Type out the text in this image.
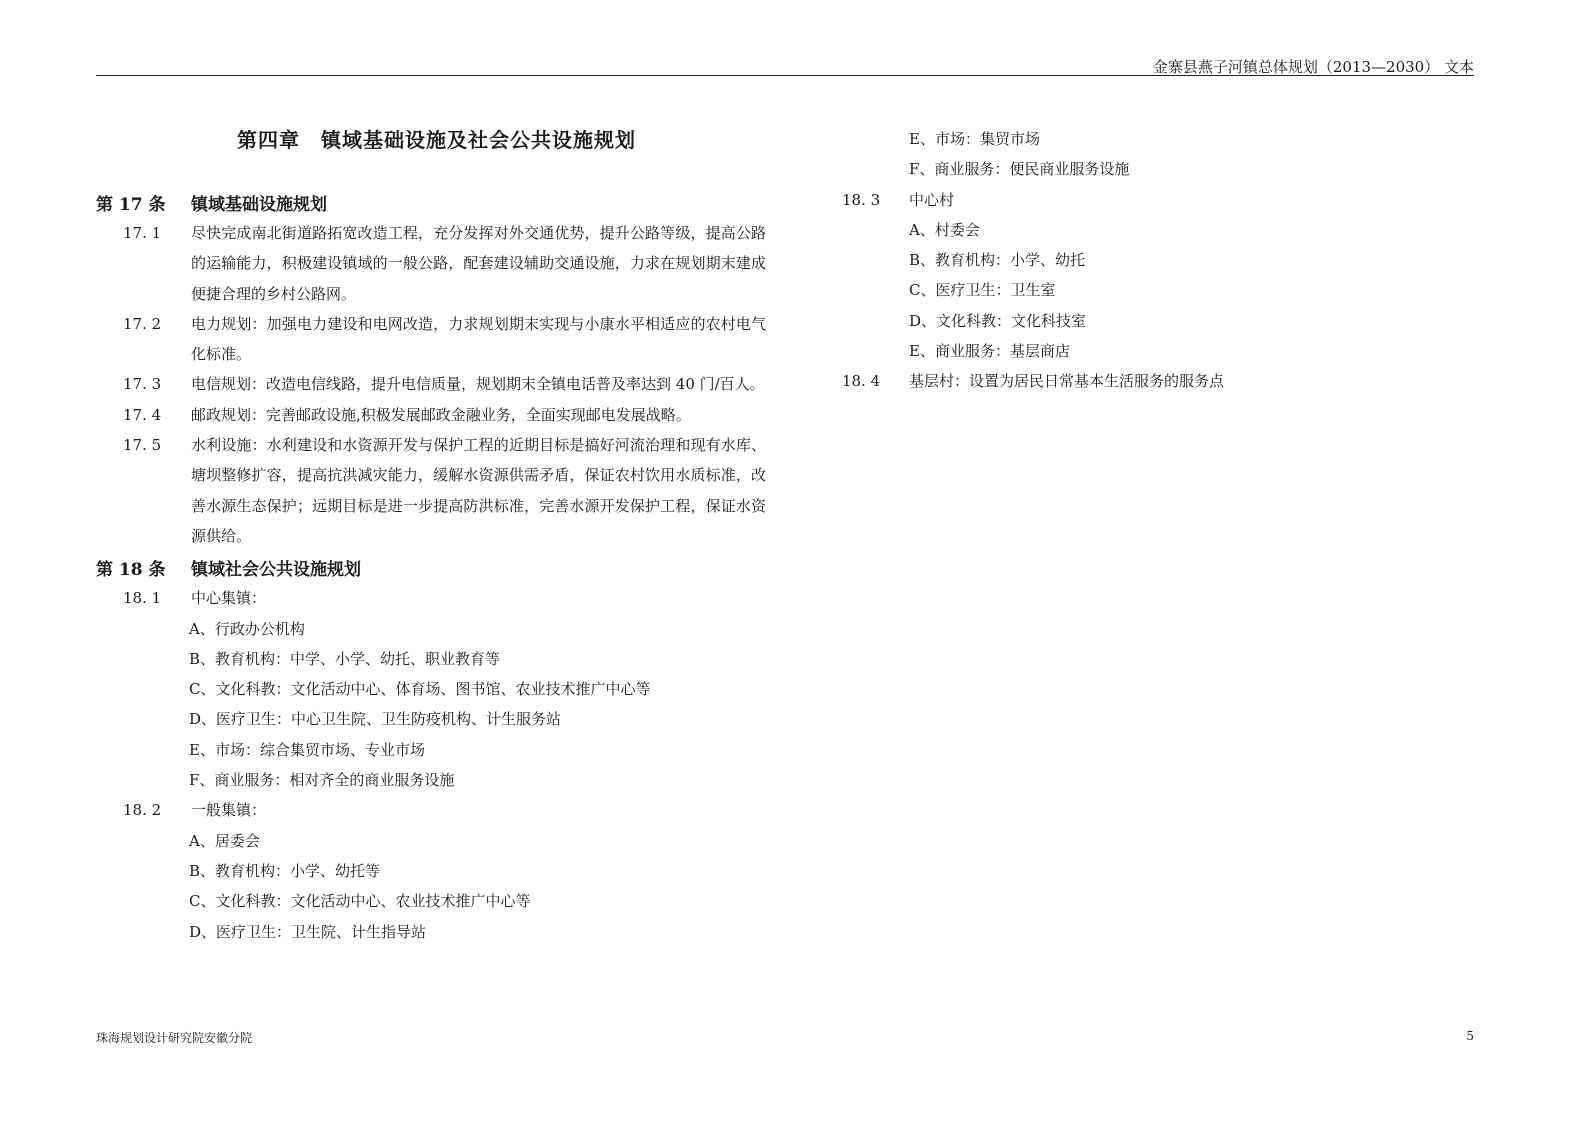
金寨县燕子河镇总体规划（2013—2030） 文本
第四章　镇域基础设施及社会公共设施规划
第 17 条	镇域基础设施规划
17. 1	尽快完成南北街道路拓宽改造工程，充分发挥对外交通优势，提升公路等级，提高公路的运输能力，积极建设镇域的一般公路，配套建设辅助交通设施，力求在规划期末建成便捷合理的乡村公路网。
17. 2	电力规划：加强电力建设和电网改造，力求规划期末实现与小康水平相适应的农村电气化标准。
17. 3	电信规划：改造电信线路，提升电信质量，规划期末全镇电话普及率达到 40 门/百人。
17. 4	邮政规划：完善邮政设施,积极发展邮政金融业务，全面实现邮电发展战略。
17. 5	水利设施：水利建设和水资源开发与保护工程的近期目标是搞好河流治理和现有水库、塘坝整修扩容，提高抗洪减灾能力，缓解水资源供需矛盾，保证农村饮用水质标准，改善水源生态保护；远期目标是进一步提高防洪标准，完善水源开发保护工程，保证水资源供给。
第 18 条	镇域社会公共设施规划
18. 1	中心集镇：
A、行政办公机构
B、教育机构：中学、小学、幼托、职业教育等
C、文化科教：文化活动中心、体育场、图书馆、农业技术推广中心等
D、医疗卫生：中心卫生院、卫生防疫机构、计生服务站
E、市场：综合集贸市场、专业市场
F、商业服务：相对齐全的商业服务设施
18. 2	一般集镇：
A、居委会
B、教育机构：小学、幼托等
C、文化科教：文化活动中心、农业技术推广中心等
D、医疗卫生：卫生院、计生指导站
E、市场：集贸市场
F、商业服务：便民商业服务设施
18. 3	中心村
A、村委会
B、教育机构：小学、幼托
C、医疗卫生：卫生室
D、文化科教：文化科技室
E、商业服务：基层商店
18. 4	基层村：设置为居民日常基本生活服务的服务点
珠海规划设计研究院安徽分院	5
